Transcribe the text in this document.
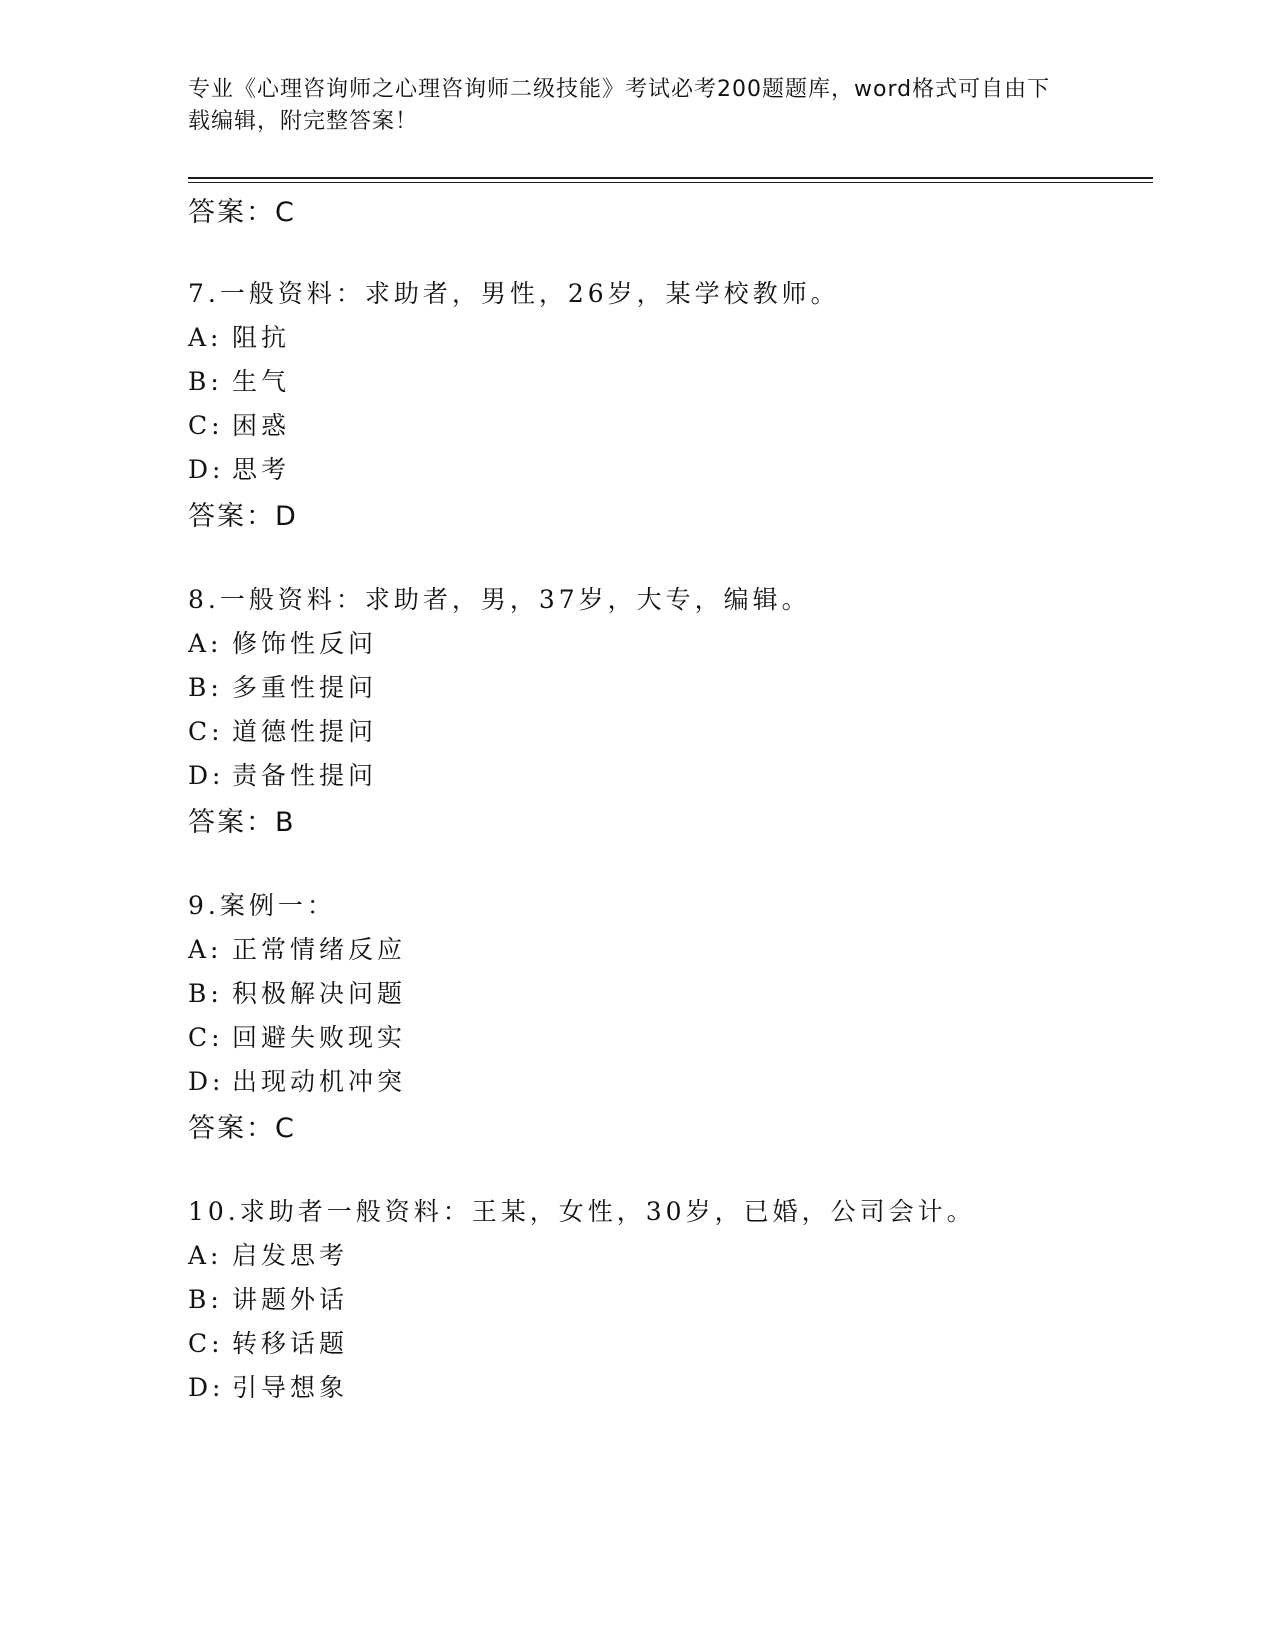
专业《心理咨询师之心理咨询师二级技能》考试必考200题题库，word格式可自由下载编辑，附完整答案！
答案：C
7.一般资料：求助者，男性，26岁，某学校教师。
A: 阻抗
B: 生气
C: 困惑
D: 思考
答案：D
8.一般资料：求助者，男，37岁，大专，编辑。
A: 修饰性反问
B: 多重性提问
C: 道德性提问
D: 责备性提问
答案：B
9.案例一：
A: 正常情绪反应
B: 积极解决问题
C: 回避失败现实
D: 出现动机冲突
答案：C
10.求助者一般资料：王某，女性，30岁，已婚，公司会计。
A: 启发思考
B: 讲题外话
C: 转移话题
D: 引导想象
